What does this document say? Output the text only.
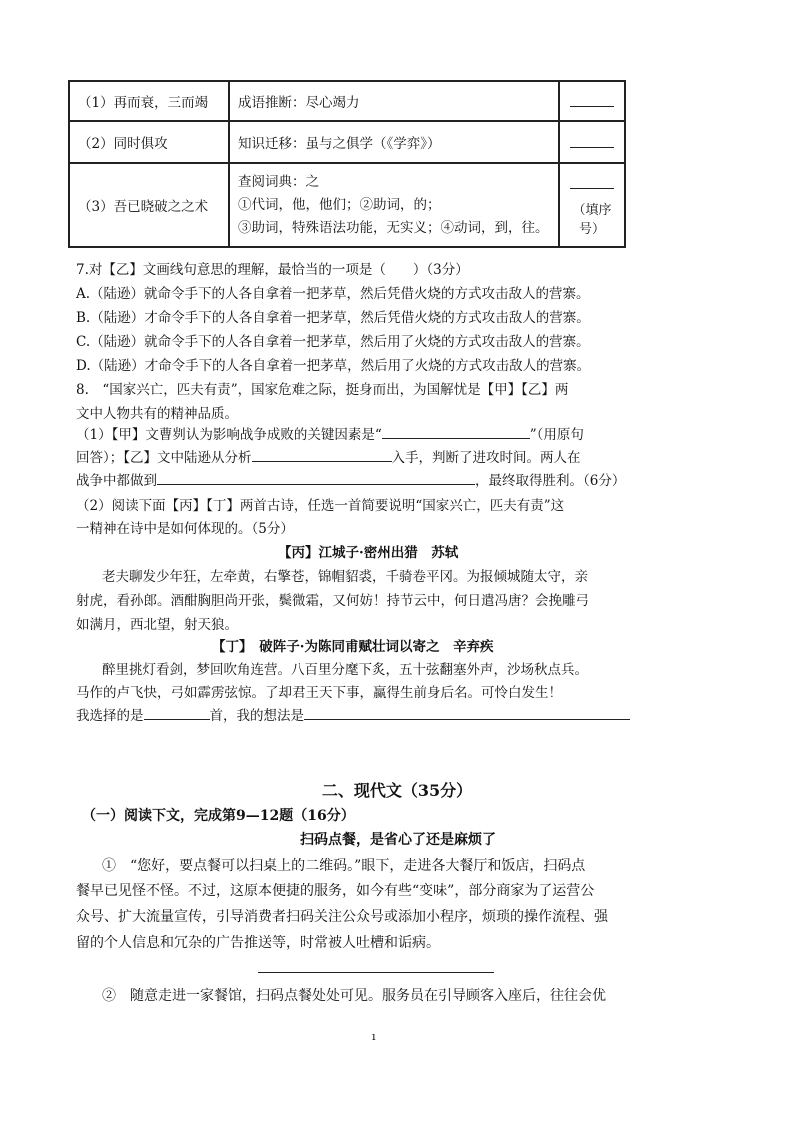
（1）再而衰，三而竭	成语推断：尽心竭力	
（2）同时俱攻	知识迁移：虽与之俱学（《学弈》）	
（3）吾已晓破之之术	查阅词典：之
①代词，他，他们；②助词，的；
③助词，特殊语法功能，无实义；④动词，到，往。	（填序号）
7.对【乙】文画线句意思的理解，最恰当的一项是（　　）（3分）
A.（陆逊）就命令手下的人各自拿着一把茅草，然后凭借火烧的方式攻击敌人的营寨。
B.（陆逊）才命令手下的人各自拿着一把茅草，然后凭借火烧的方式攻击敌人的营寨。
C.（陆逊）就命令手下的人各自拿着一把茅草，然后用了火烧的方式攻击敌人的营寨。
D.（陆逊）才命令手下的人各自拿着一把茅草，然后用了火烧的方式攻击敌人的营寨。
8.　“国家兴亡，匹夫有责”，国家危难之际，挺身而出，为国解忧是【甲】【乙】两
文中人物共有的精神品质。
（1）【甲】文曹刿认为影响战争成败的关键因素是“	”（用原句
回答）；【乙】文中陆逊从分析	入手，判断了进攻时间。两人在
战争中都做到	，最终取得胜利。（6分）
（2）阅读下面【丙】【丁】两首古诗，任选一首简要说明“国家兴亡，匹夫有责”这
一精神在诗中是如何体现的。（5分）
【丙】江城子·密州出猎　苏轼
老夫聊发少年狂，左牵黄，右擎苍，锦帽貂裘，千骑卷平冈。为报倾城随太守，亲
射虎，看孙郎。酒酣胸胆尚开张，鬓微霜，又何妨！持节云中，何日遣冯唐？会挽雕弓
如满月，西北望，射天狼。
【丁】　破阵子·为陈同甫赋壮词以寄之　辛弃疾
醉里挑灯看剑，梦回吹角连营。八百里分麾下炙，五十弦翻塞外声，沙场秋点兵。
马作的卢飞快，弓如霹雳弦惊。了却君王天下事，赢得生前身后名。可怜白发生！
我选择的是	首，我的想法是
二、现代文（35分）
（一）阅读下文，完成第9—12题（16分）
扫码点餐，是省心了还是麻烦了
①　“您好，要点餐可以扫桌上的二维码。”眼下，走进各大餐厅和饭店，扫码点
餐早已见怪不怪。不过，这原本便捷的服务，如今有些“变味”，部分商家为了运营公
众号、扩大流量宣传，引导消费者扫码关注公众号或添加小程序，烦琐的操作流程、强
留的个人信息和冗杂的广告推送等，时常被人吐槽和诟病。
②　随意走进一家餐馆，扫码点餐处处可见。服务员在引导顾客入座后，往往会优
ı
